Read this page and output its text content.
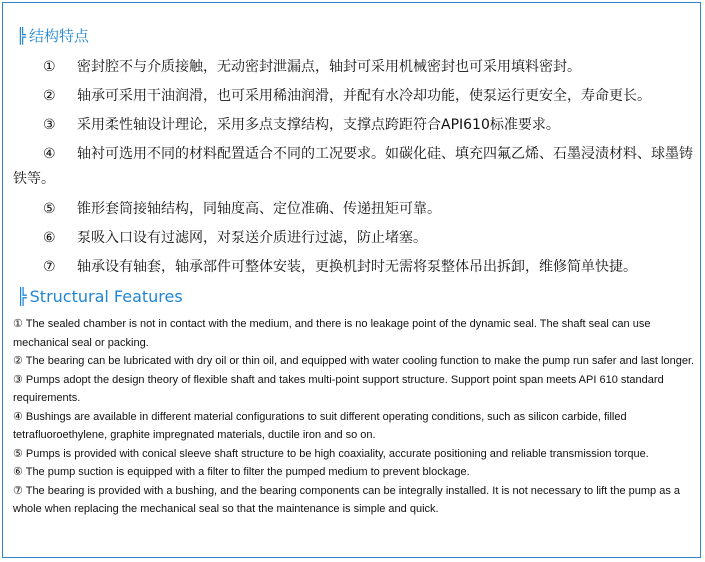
╠ 结构特点
① 密封腔不与介质接触，无动密封泄漏点，轴封可采用机械密封也可采用填料密封。
② 轴承可采用干油润滑，也可采用稀油润滑，并配有水冷却功能，使泵运行更安全，寿命更长。
③ 采用柔性轴设计理论，采用多点支撑结构，支撑点跨距符合API610标准要求。
④ 轴衬可选用不同的材料配置适合不同的工况要求。如碳化硅、填充四氟乙烯、石墨浸渍材料、球墨铸铁等。
⑤ 锥形套筒接轴结构，同轴度高、定位准确、传递扭矩可靠。
⑥ 泵吸入口设有过滤网，对泵送介质进行过滤，防止堵塞。
⑦ 轴承设有轴套，轴承部件可整体安装，更换机封时无需将泵整体吊出拆卸，维修简单快捷。
╠ Structural Features
① The sealed chamber is not in contact with the medium, and there is no leakage point of the dynamic seal. The shaft seal can use mechanical seal or packing.
② The bearing can be lubricated with dry oil or thin oil, and equipped with water cooling function to make the pump run safer and last longer.
③ Pumps adopt the design theory of flexible shaft and takes multi-point support structure. Support point span meets API 610 standard requirements.
④ Bushings are available in different material configurations to suit different operating conditions, such as silicon carbide, filled tetrafluoroethylene, graphite impregnated materials, ductile iron and so on.
⑤ Pumps is provided with conical sleeve shaft structure to be high coaxiality, accurate positioning and reliable transmission torque.
⑥ The pump suction is equipped with a filter to filter the pumped medium to prevent blockage.
⑦ The bearing is provided with a bushing, and the bearing components can be integrally installed. It is not necessary to lift the pump as a whole when replacing the mechanical seal so that the maintenance is simple and quick.
